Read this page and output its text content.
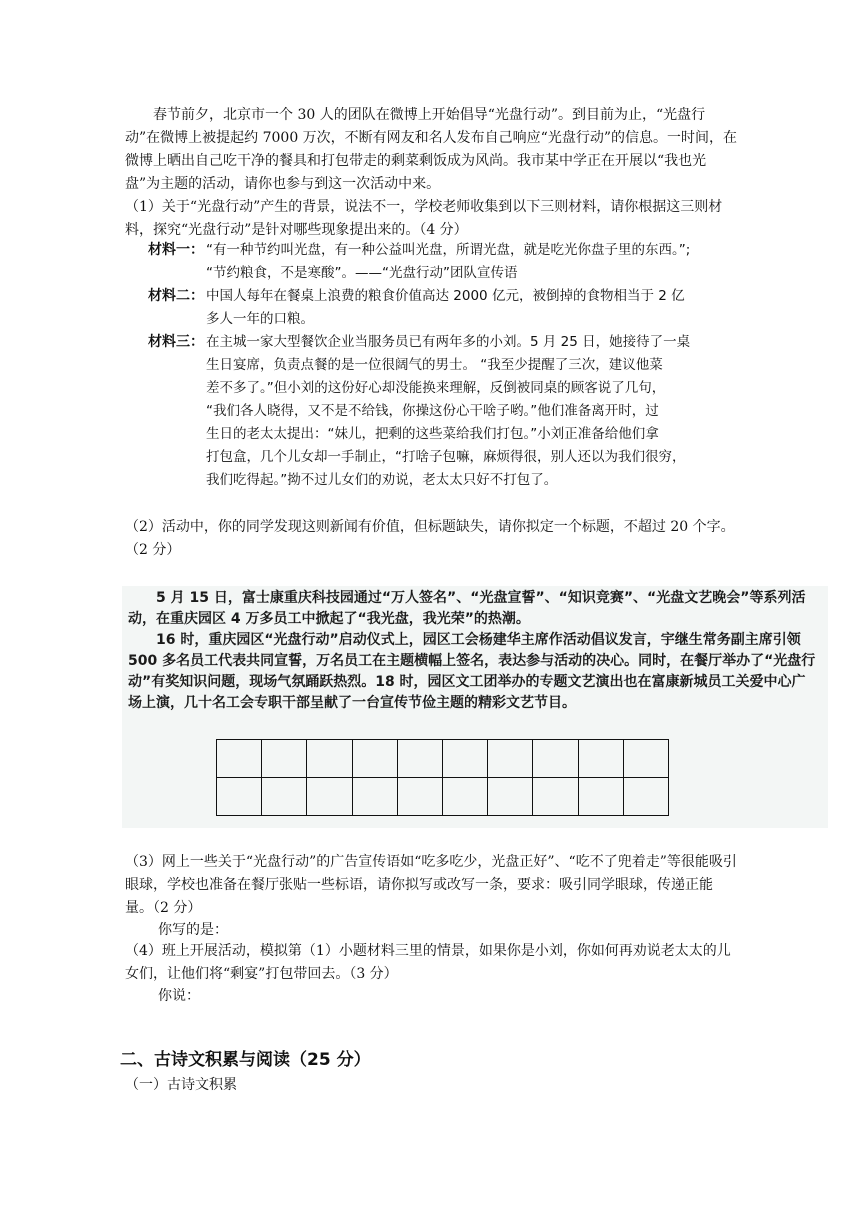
春节前夕，北京市一个 30 人的团队在微博上开始倡导“光盘行动”。到目前为止，“光盘行动”在微博上被提起约 7000 万次，不断有网友和名人发布自己响应“光盘行动”的信息。一时间，在微博上晒出自己吃干净的餐具和打包带走的剩菜剩饭成为风尚。我市某中学正在开展以“我也光盘”为主题的活动，请你也参与到这一次活动中来。

（1）关于“光盘行动”产生的背景，说法不一，学校老师收集到以下三则材料，请你根据这三则材料，探究“光盘行动”是针对哪些现象提出来的。（4 分）

材料一： “有一种节约叫光盘，有一种公益叫光盘，所谓光盘，就是吃光你盘子里的东西。”;
“节约粮食，不是寒酸”。——“光盘行动”团队宣传语
材料二： 中国人每年在餐桌上浪费的粮食价值高达 2000 亿元，被倒掉的食物相当于 2 亿
多人一年的口粮。
材料三： 在主城一家大型餐饮企业当服务员已有两年多的小刘。5 月 25 日，她接待了一桌
生日宴席，负责点餐的是一位很阔气的男士。 “我至少提醒了三次，建议他菜
差不多了。”但小刘的这份好心却没能换来理解，反倒被同桌的顾客说了几句，
“我们各人晓得，又不是不给钱，你操这份心干啥子哟。”他们准备离开时，过
生日的老太太提出：“妹儿，把剩的这些菜给我们打包。”小刘正准备给他们拿
打包盒，几个儿女却一手制止，“打啥子包嘛，麻烦得很，别人还以为我们很穷，
我们吃得起。”拗不过儿女们的劝说，老太太只好不打包了。

（2）活动中，你的同学发现这则新闻有价值，但标题缺失，请你拟定一个标题，不超过 20 个字。（2 分）

　　5 月 15 日，富士康重庆科技园通过“万人签名”、“光盘宣誓”、“知识竞赛”、“光盘文艺晚会”等系列活动，在重庆园区 4 万多员工中掀起了“我光盘，我光荣”的热潮。

　　16 时，重庆园区“光盘行动”启动仪式上，园区工会杨建华主席作活动倡议发言，宇继生常务副主席引领 500 多名员工代表共同宣誓，万名员工在主题横幅上签名，表达参与活动的决心。同时，在餐厅举办了“光盘行动”有奖知识问题，现场气氛踊跃热烈。18 时，园区文工团举办的专题文艺演出也在富康新城员工关爱中心广场上演，几十名工会专职干部呈献了一台宣传节俭主题的精彩文艺节目。

（3）网上一些关于“光盘行动”的广告宣传语如“吃多吃少，光盘正好”、“吃不了兜着走”等很能吸引眼球，学校也准备在餐厅张贴一些标语，请你拟写或改写一条，要求：吸引同学眼球，传递正能量。（2 分）

你写的是：

（4）班上开展活动，模拟第（1）小题材料三里的情景，如果你是小刘，你如何再劝说老太太的儿女们，让他们将“剩宴”打包带回去。（3 分）

你说：

二、古诗文积累与阅读（25 分）
（一）古诗文积累
